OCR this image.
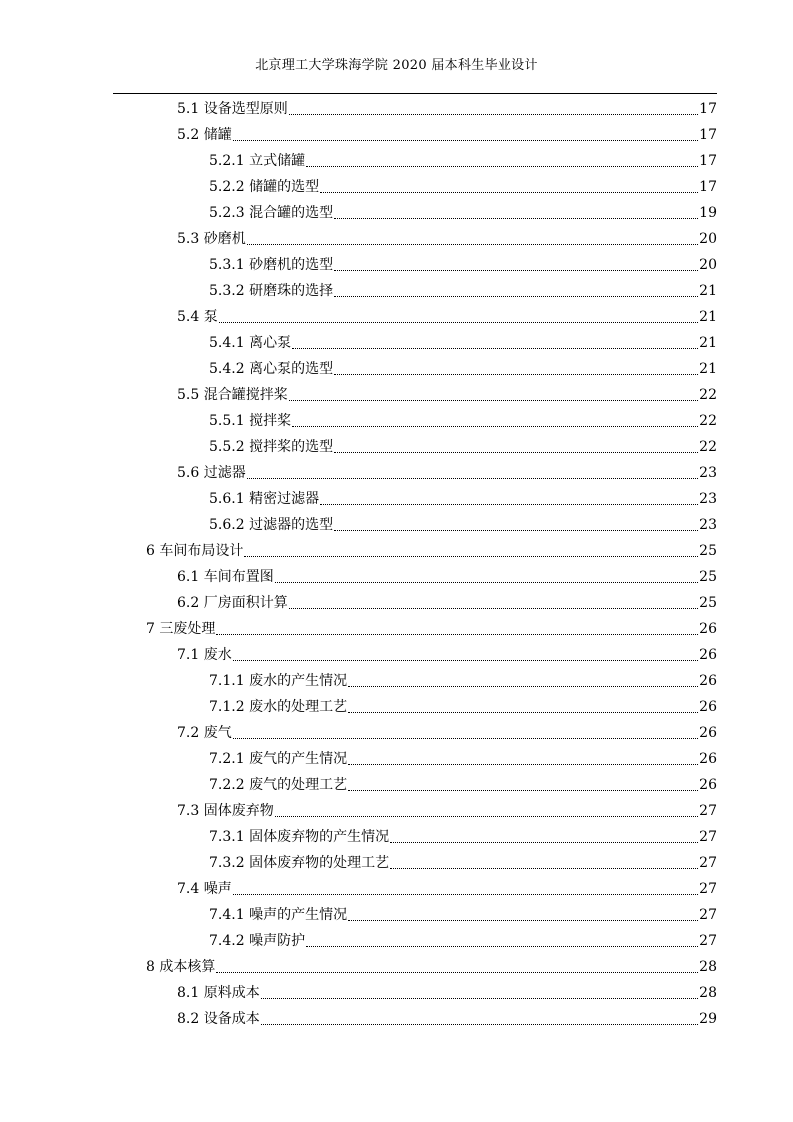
北京理工大学珠海学院 2020 届本科生毕业设计
5.1 设备选型原则	17
5.2 储罐	17
5.2.1 立式储罐	17
5.2.2 储罐的选型	17
5.2.3 混合罐的选型	19
5.3 砂磨机	20
5.3.1 砂磨机的选型	20
5.3.2 研磨珠的选择	21
5.4 泵	21
5.4.1 离心泵	21
5.4.2 离心泵的选型	21
5.5 混合罐搅拌桨	22
5.5.1 搅拌桨	22
5.5.2 搅拌桨的选型	22
5.6 过滤器	23
5.6.1 精密过滤器	23
5.6.2 过滤器的选型	23
6 车间布局设计	25
6.1 车间布置图	25
6.2 厂房面积计算	25
7 三废处理	26
7.1 废水	26
7.1.1 废水的产生情况	26
7.1.2 废水的处理工艺	26
7.2 废气	26
7.2.1 废气的产生情况	26
7.2.2 废气的处理工艺	26
7.3 固体废弃物	27
7.3.1 固体废弃物的产生情况	27
7.3.2 固体废弃物的处理工艺	27
7.4 噪声	27
7.4.1 噪声的产生情况	27
7.4.2 噪声防护	27
8 成本核算	28
8.1 原料成本	28
8.2 设备成本	29
